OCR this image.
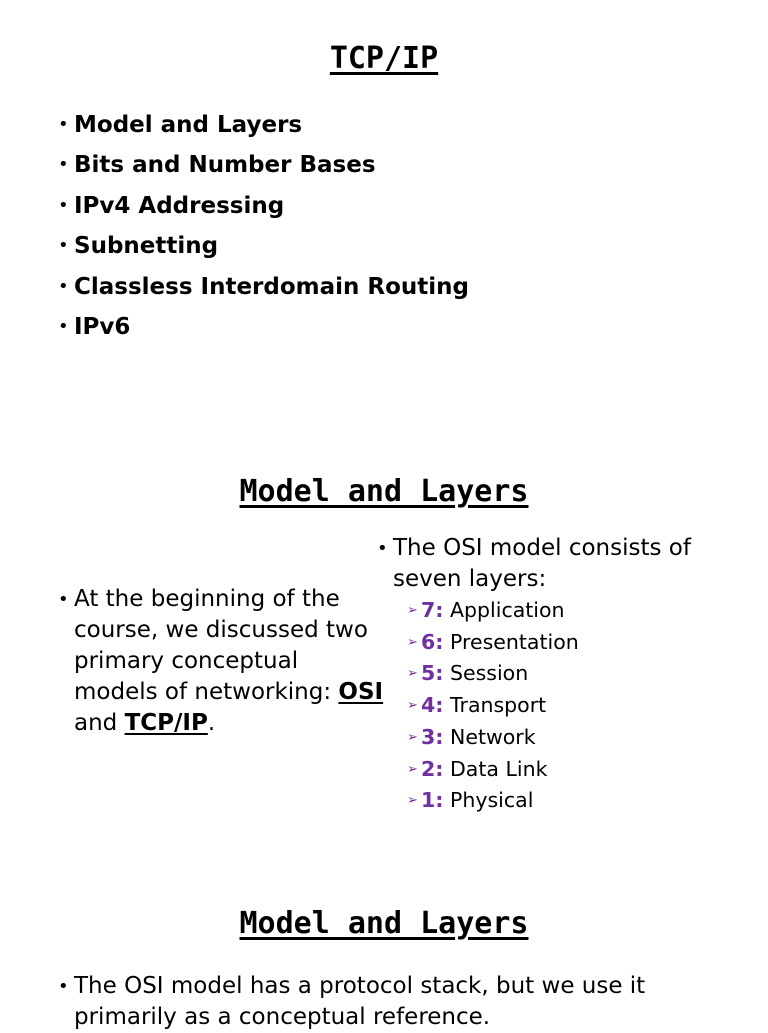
TCP/IP
• Model and Layers
• Bits and Number Bases
• IPv4 Addressing
• Subnetting
• Classless Interdomain Routing
• IPv6
Model and Layers
• At the beginning of the course, we discussed two primary conceptual models of networking: OSI and TCP/IP.
• The OSI model consists of seven layers:
➢ 7: Application
➢ 6: Presentation
➢ 5: Session
➢ 4: Transport
➢ 3: Network
➢ 2: Data Link
➢ 1: Physical
Model and Layers
• The OSI model has a protocol stack, but we use it primarily as a conceptual reference.
